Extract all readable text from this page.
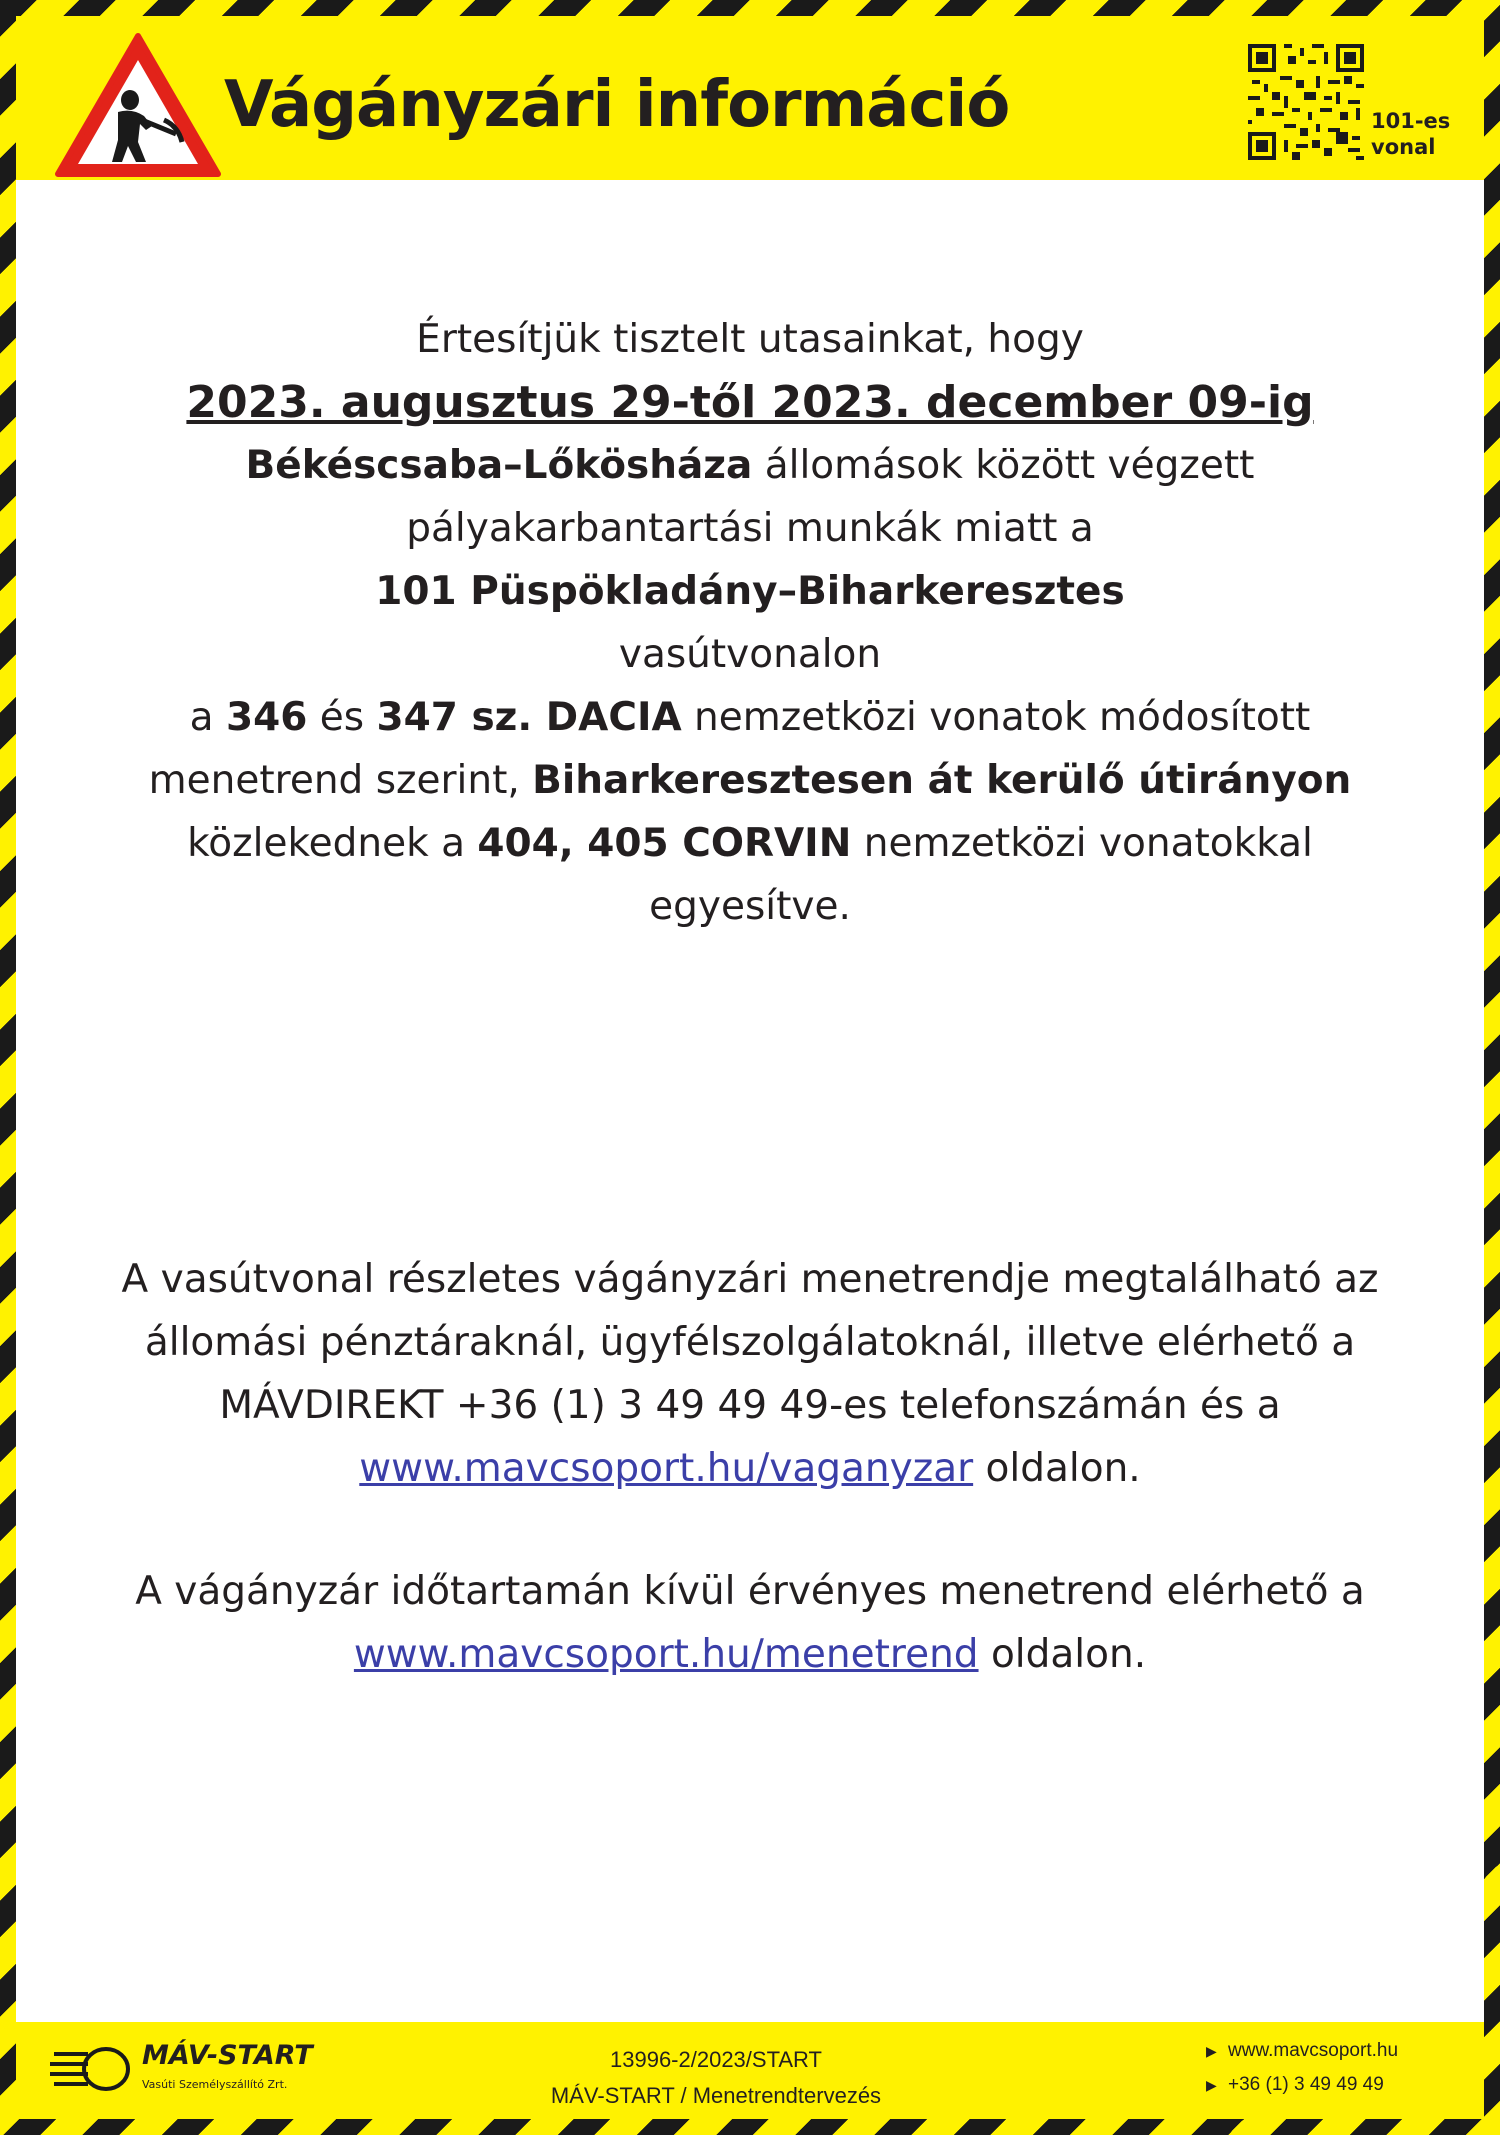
Vágányzári információ	101-es
vonal
Értesítjük tisztelt utasainkat, hogy
2023. augusztus 29-től 2023. december 09-ig
Békéscsaba–Lőkösháza állomások között végzett
pályakarbantartási munkák miatt a
101 Püspökladány–Biharkeresztes
vasútvonalon
a 346 és 347 sz. DACIA nemzetközi vonatok módosított
menetrend szerint, Biharkeresztesen át kerülő útirányon
közlekednek a 404, 405 CORVIN nemzetközi vonatokkal
egyesítve.
A vasútvonal részletes vágányzári menetrendje megtalálható az
állomási pénztáraknál, ügyfélszolgálatoknál, illetve elérhető a
MÁVDIREKT +36 (1) 3 49 49 49-es telefonszámán és a
www.mavcsoport.hu/vaganyzar oldalon.
A vágányzár időtartamán kívül érvényes menetrend elérhető a
www.mavcsoport.hu/menetrend oldalon.
MÁV-START
Vasúti Személyszállító Zrt.
13996-2/2023/START
MÁV-START / Menetrendtervezés
▶ www.mavcsoport.hu
▶ +36 (1) 3 49 49 49
